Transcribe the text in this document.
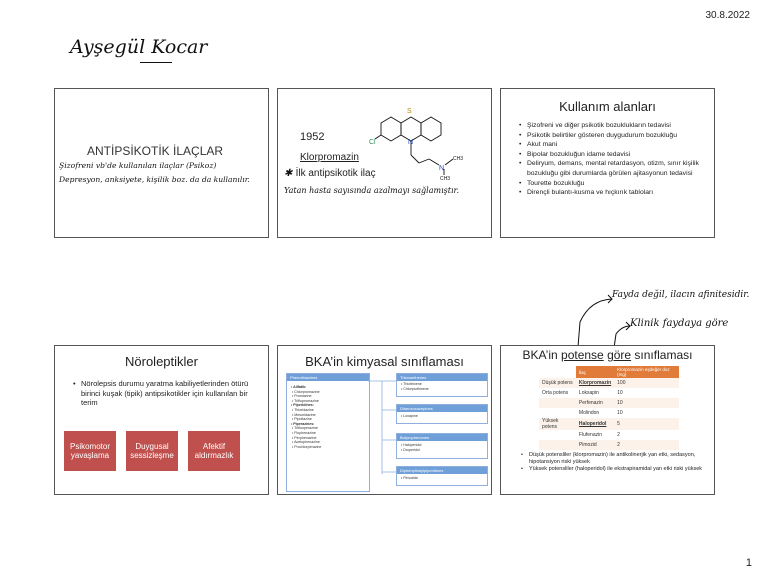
30.8.2022
Ayşegül Kocar
ANTİPSİKOTİK İLAÇLAR
Şizofreni vb'de kullanılan ilaçlar (Psikoz)
Depresyon, anksiyete, kişilik boz. da da kullanılır.
S
N
Cl
N
CH3
CH3
1952
Klorpromazin
✱ İlk antipsikotik ilaç
Yatan hasta sayısında azalmayı sağlamıştır.
Kullanım alanları
• Şizofreni ve diğer psikotik bozuklukların tedavisi
• Psikotik belirtiler gösteren duygudurum bozukluğu
• Akut mani
• Bipolar bozukluğun idame tedavisi
• Deliryum, demans, mental retardasyon, otizm, sınır kişilik bozukluğu gibi durumlarda görülen ajitasyonun tedavisi
• Tourette bozukluğu
• Dirençli bulantı-kusma ve hıçkırık tabloları
Fayda değil, ilacın afinitesidir.
Klinik faydaya göre
Nöroleptikler
• Nörolepsis durumu yaratma kabiliyetlerinden ötürü birinci kuşak (tipik) antipsikotikler için kullanılan bir terim
Psikomotor yavaşlama
Duygusal sessizleşme
Afektif aldırmazlık
BKA’in kimyasal sınıflaması
Phenothiazines
• Alifatik:
• Chlorpromazine
• Promazine
• Triflupromazine
• Piperidines:
• Thioridazine
• Mesoridazine
• Pipotiazine
• Piperazines:
• Trifluoperazine
• Fluphenazine
• Perphenazine
• Acetophenazine
• Prochlorperazine
Thioxanthenes
• Thiothixene
• Chlorprothixene
Dibenzoxazepines
• Loxapine
Butyrophenones
• Haloperidol
• Droperidol
Diphenylbutylpiperidines
• Pimozide
BKA’in potense göre sınıflaması
	İlaç	Klorpromazin eşdeğer doz (mg)
Düşük potens	Klorpromazin	100
Orta potens	Loksapin	10
	Perfenazin	10
	Molindon	10
Yüksek potens	Haloperidol	5
	Flufenazin	2
	Pimozid	2
• Düşük potensliler (klorpromazin) ile antikolinerjik yan etki, sedasyon, hipotansiyon riski yüksek
• Yüksek potensliler (haloperidol) ile ekstrapiramidal yan etki riski yüksek
1
